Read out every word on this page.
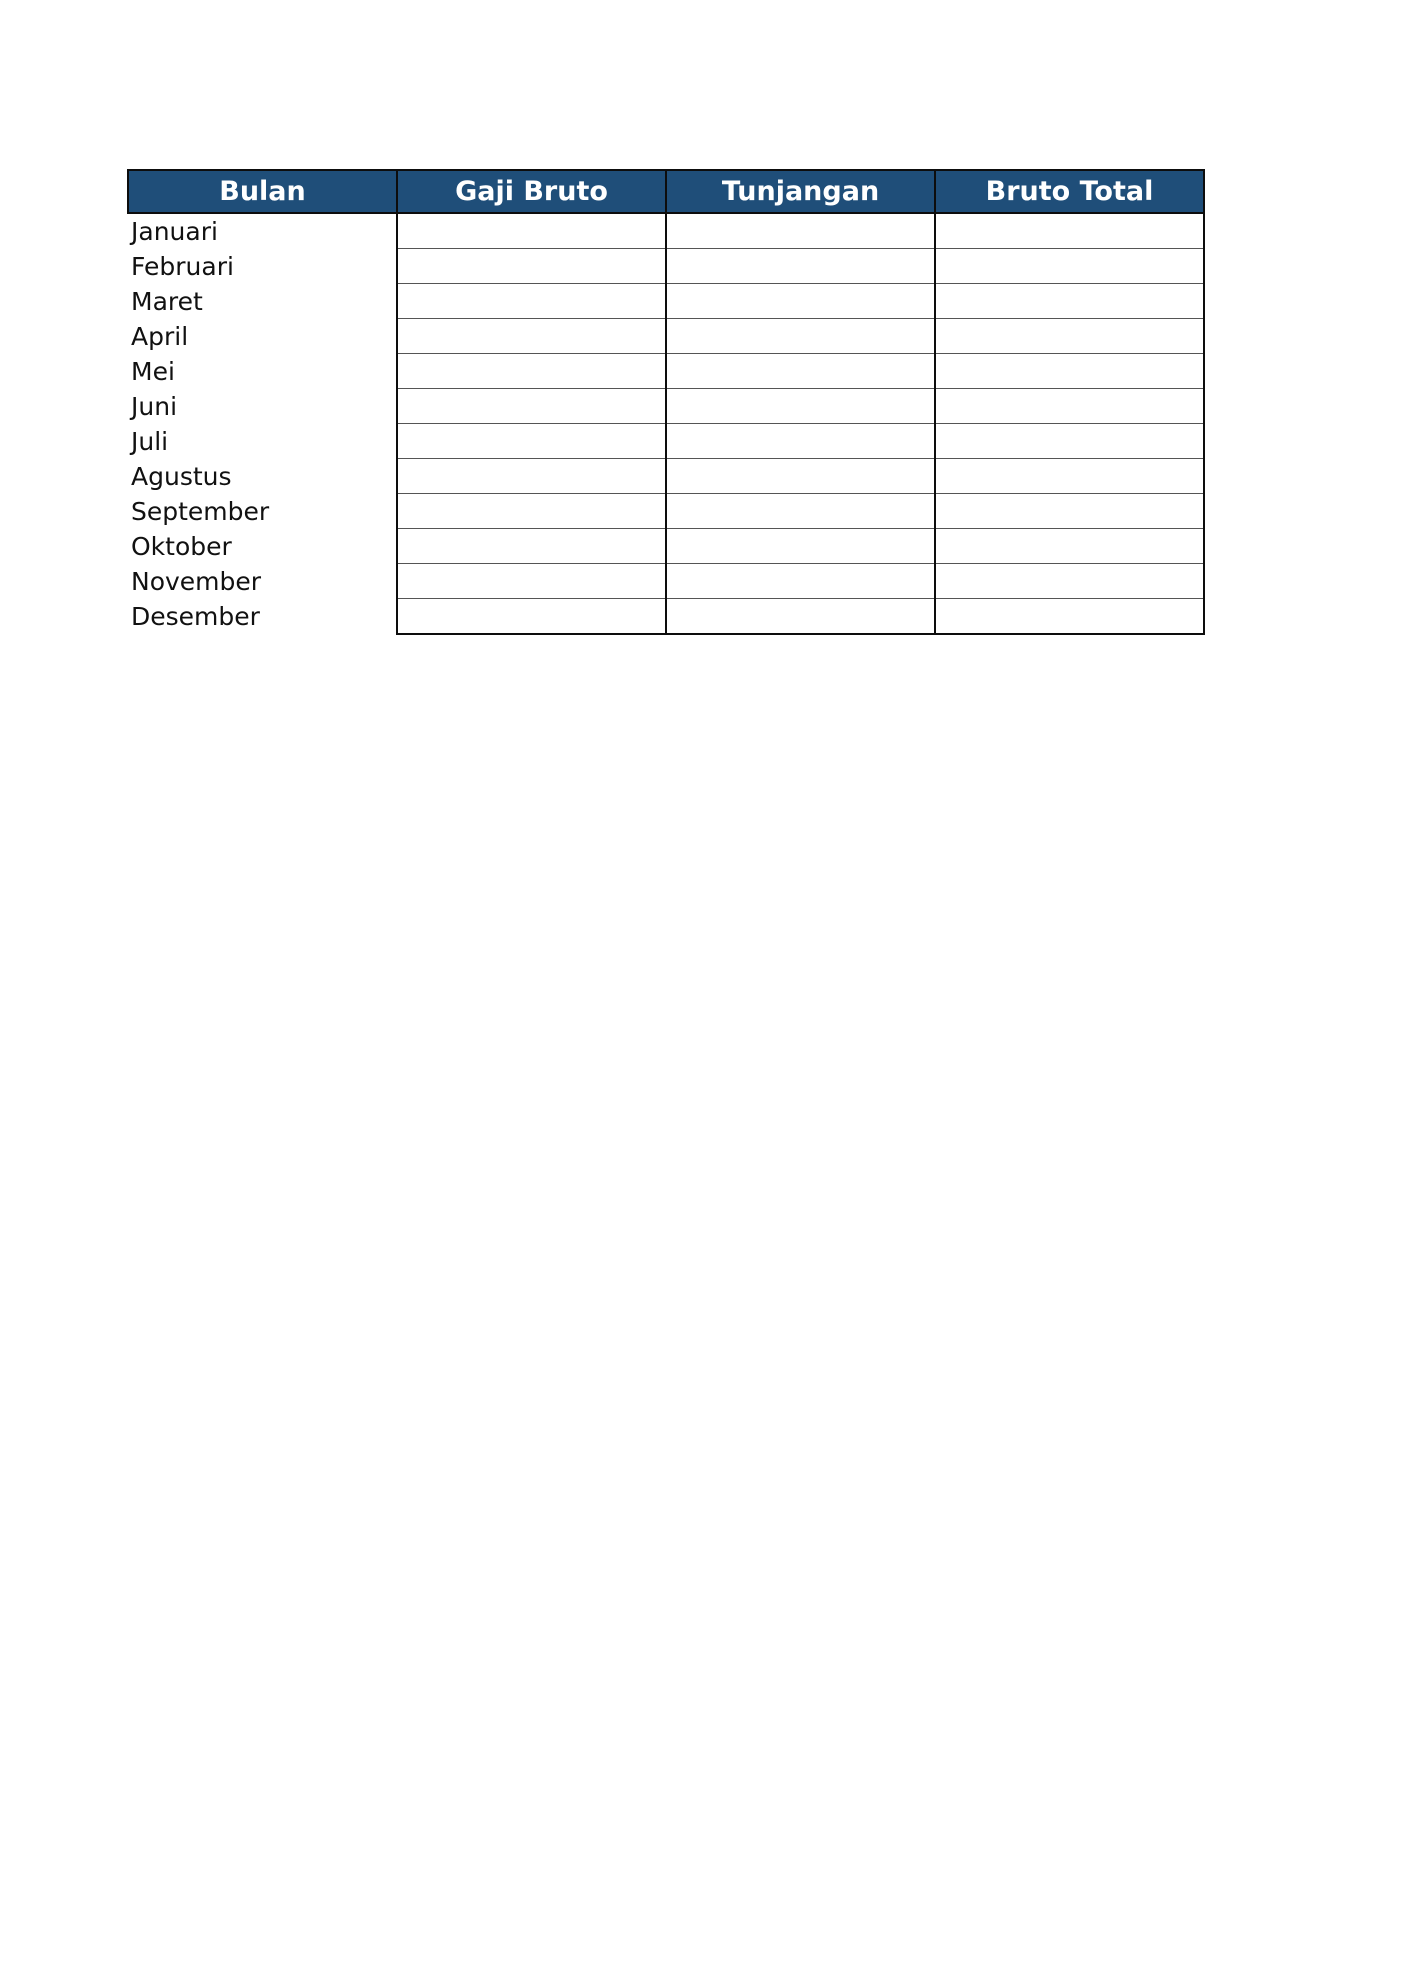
Bulan	Gaji Bruto	Tunjangan	Bruto Total
Januari			
Februari			
Maret			
April			
Mei			
Juni			
Juli			
Agustus			
September			
Oktober			
November			
Desember			
